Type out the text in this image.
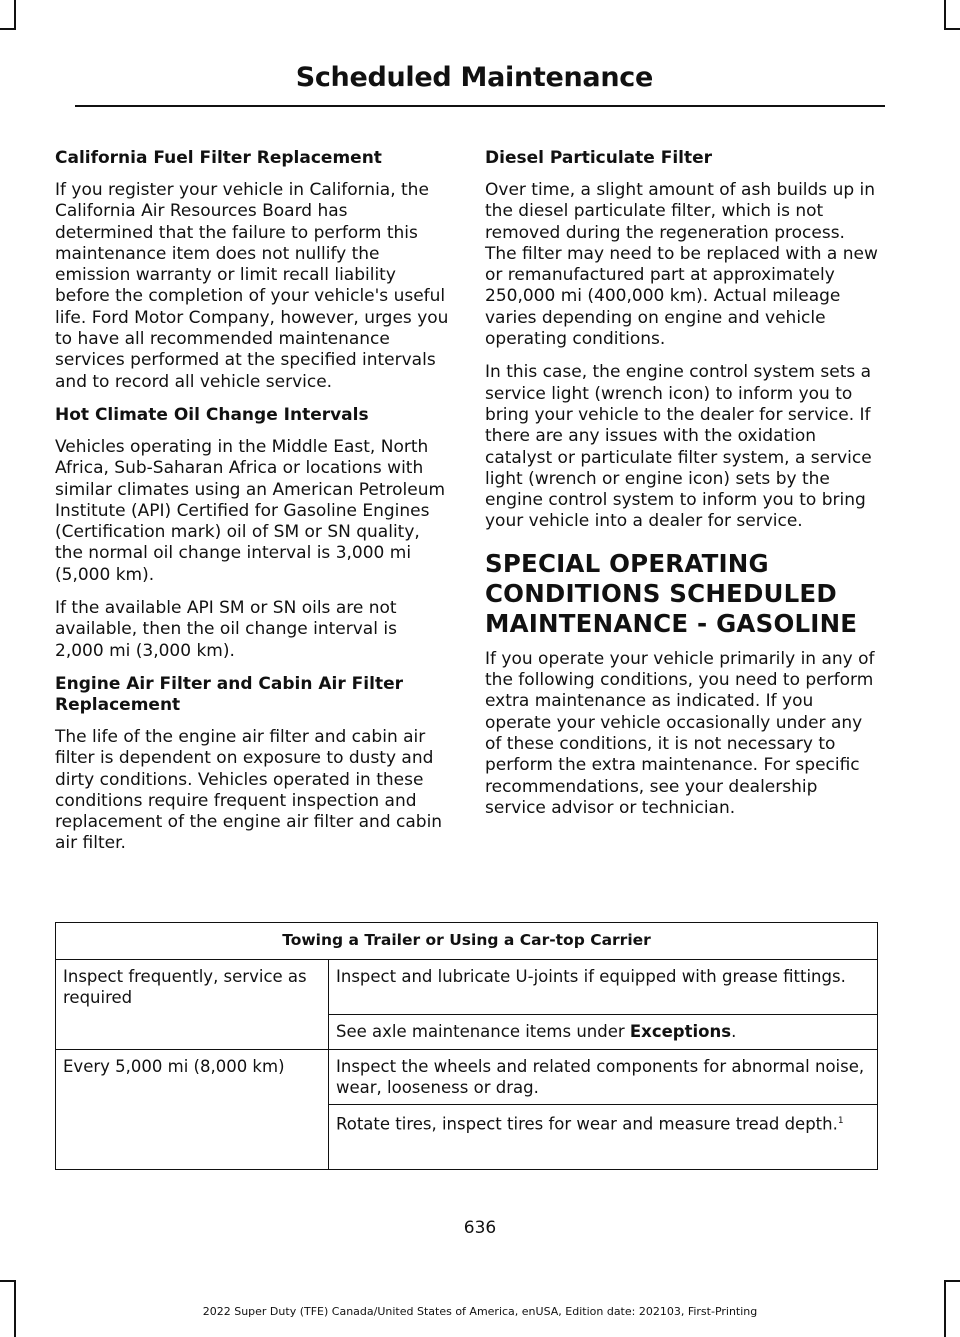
Scheduled Maintenance
California Fuel Filter Replacement

If you register your vehicle in California, the California Air Resources Board has determined that the failure to perform this maintenance item does not nullify the emission warranty or limit recall liability before the completion of your vehicle's useful life. Ford Motor Company, however, urges you to have all recommended maintenance services performed at the specified intervals and to record all vehicle service.

Hot Climate Oil Change Intervals

Vehicles operating in the Middle East, North Africa, Sub-Saharan Africa or locations with similar climates using an American Petroleum Institute (API) Certified for Gasoline Engines (Certification mark) oil of SM or SN quality, the normal oil change interval is 3,000 mi (5,000 km).

If the available API SM or SN oils are not available, then the oil change interval is 2,000 mi (3,000 km).

Engine Air Filter and Cabin Air Filter Replacement

The life of the engine air filter and cabin air filter is dependent on exposure to dusty and dirty conditions. Vehicles operated in these conditions require frequent inspection and replacement of the engine air filter and cabin air filter.

Diesel Particulate Filter

Over time, a slight amount of ash builds up in the diesel particulate filter, which is not removed during the regeneration process. The filter may need to be replaced with a new or remanufactured part at approximately 250,000 mi (400,000 km). Actual mileage varies depending on engine and vehicle operating conditions.

In this case, the engine control system sets a service light (wrench icon) to inform you to bring your vehicle to the dealer for service. If there are any issues with the oxidation catalyst or particulate filter system, a service light (wrench or engine icon) sets by the engine control system to inform you to bring your vehicle into a dealer for service.

SPECIAL OPERATING CONDITIONS SCHEDULED MAINTENANCE - GASOLINE

If you operate your vehicle primarily in any of the following conditions, you need to perform extra maintenance as indicated. If you operate your vehicle occasionally under any of these conditions, it is not necessary to perform the extra maintenance. For specific recommendations, see your dealership service advisor or technician.

Towing a Trailer or Using a Car-top Carrier	
Inspect frequently, service as required	Inspect and lubricate U-joints if equipped with grease fittings.
	See axle maintenance items under Exceptions.
Every 5,000 mi (8,000 km)	Inspect the wheels and related components for abnormal noise, wear, looseness or drag.
	Rotate tires, inspect tires for wear and measure tread depth.$^1$
636
2022 Super Duty (TFE) Canada/United States of America, enUSA, Edition date: 202103, First-Printing
